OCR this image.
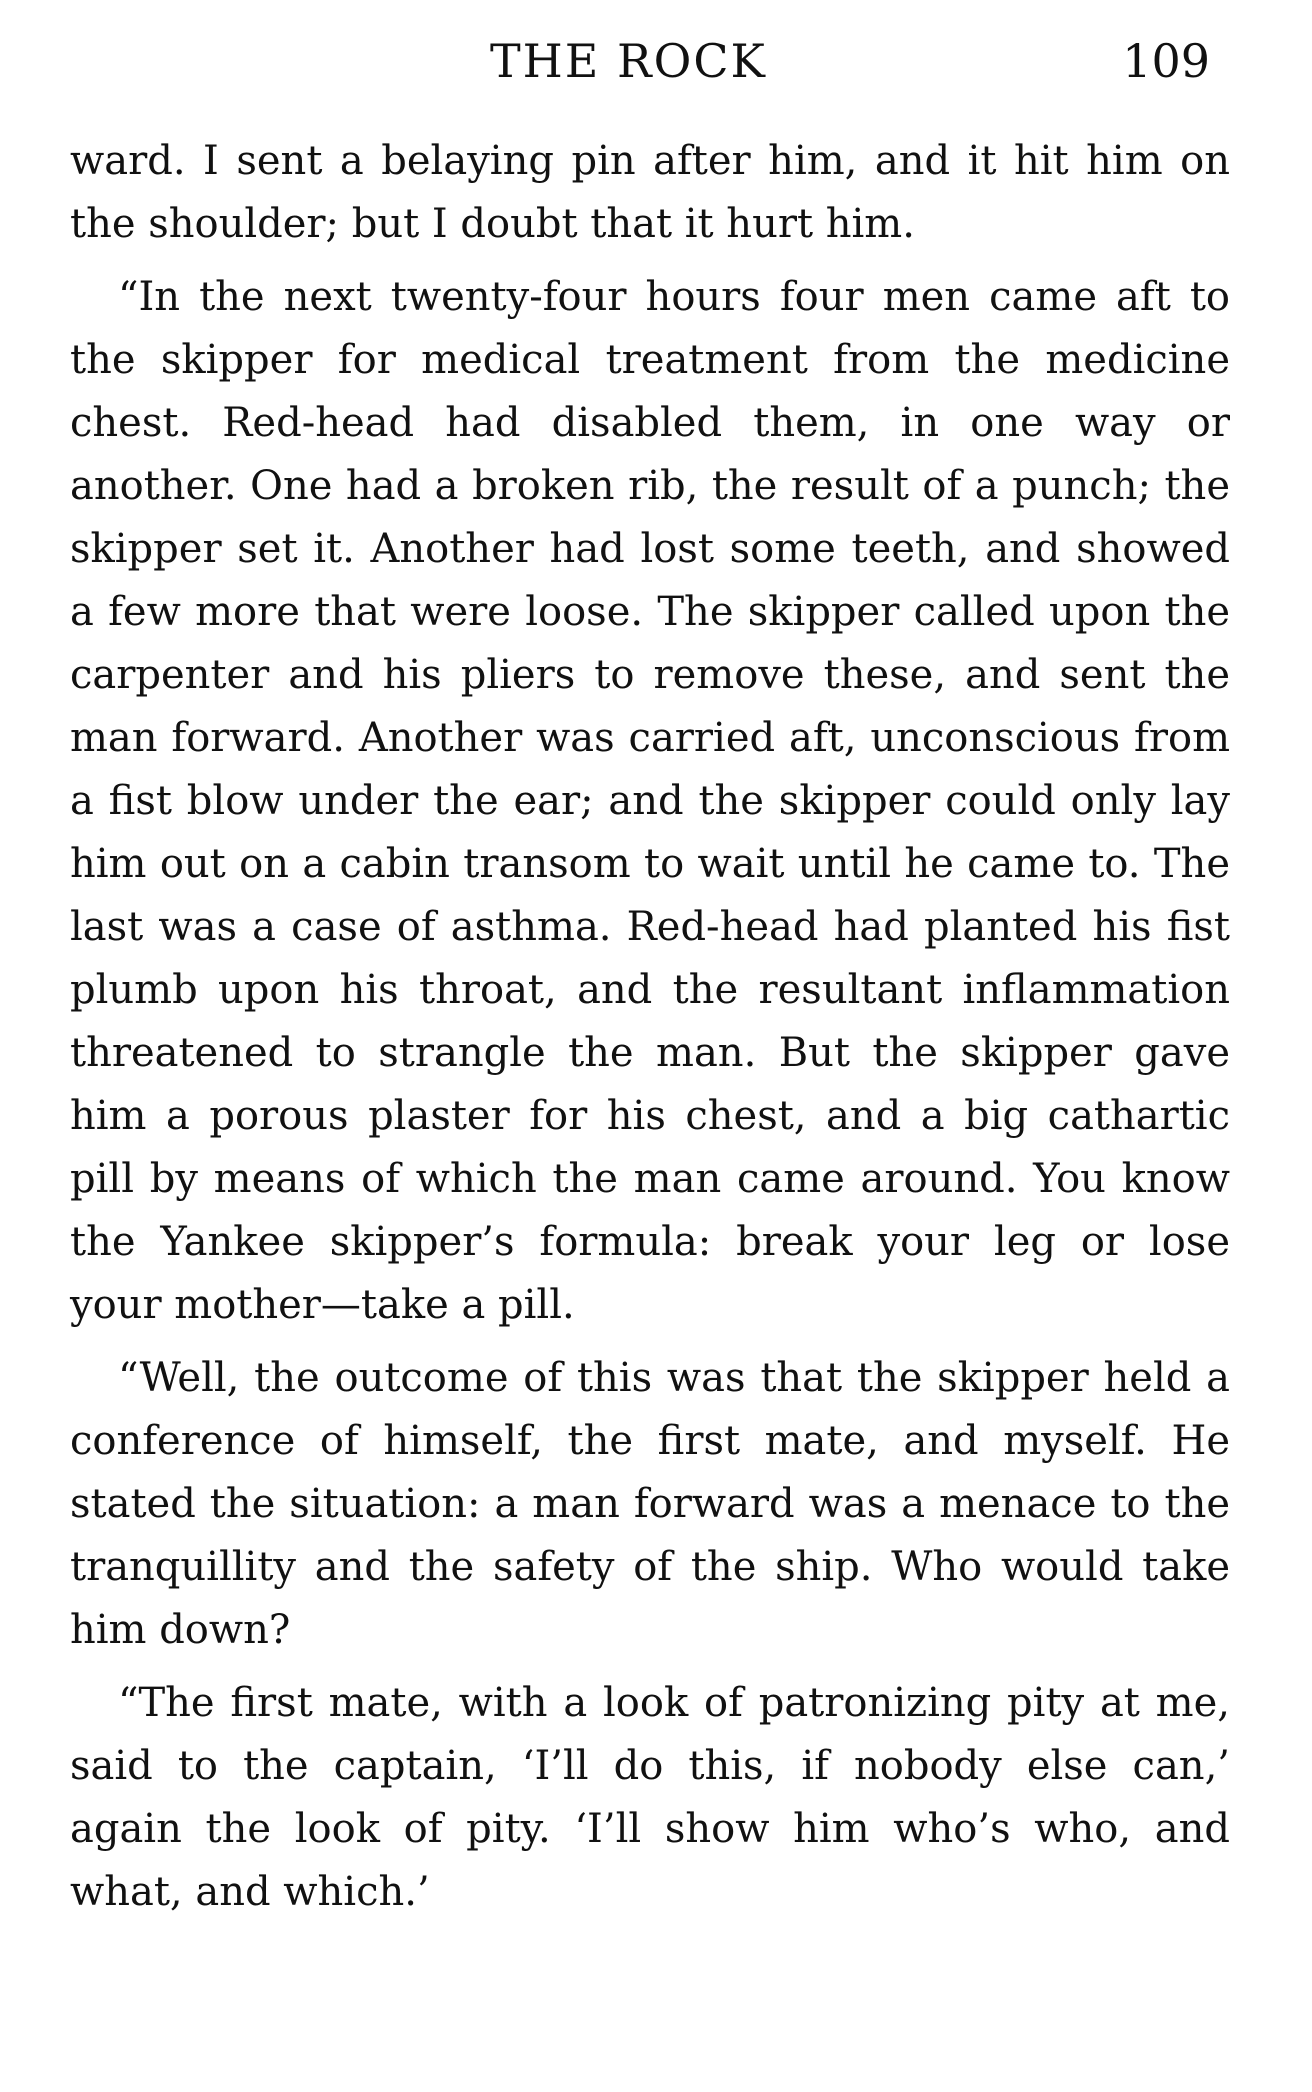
THE ROCK	109

ward. I sent a belaying pin after him, and it hit him on the shoulder; but I doubt that it hurt him.

“In the next twenty-four hours four men came aft to the skipper for medical treatment from the medicine chest. Red-head had disabled them, in one way or another. One had a broken rib, the result of a punch; the skipper set it. Another had lost some teeth, and showed a few more that were loose. The skipper called upon the carpenter and his pliers to remove these, and sent the man forward. Another was carried aft, unconscious from a fist blow under the ear; and the skipper could only lay him out on a cabin transom to wait until he came to. The last was a case of asthma. Red-head had planted his fist plumb upon his throat, and the resultant inflammation threatened to strangle the man. But the skipper gave him a porous plaster for his chest, and a big cathartic pill by means of which the man came around. You know the Yankee skipper’s formula: break your leg or lose your mother—take a pill.

“Well, the outcome of this was that the skipper held a conference of himself, the first mate, and myself. He stated the situation: a man forward was a menace to the tranquillity and the safety of the ship. Who would take him down?

“The first mate, with a look of patronizing pity at me, said to the captain, ‘I’ll do this, if nobody else can,’ again the look of pity. ‘I’ll show him who’s who, and what, and which.’
